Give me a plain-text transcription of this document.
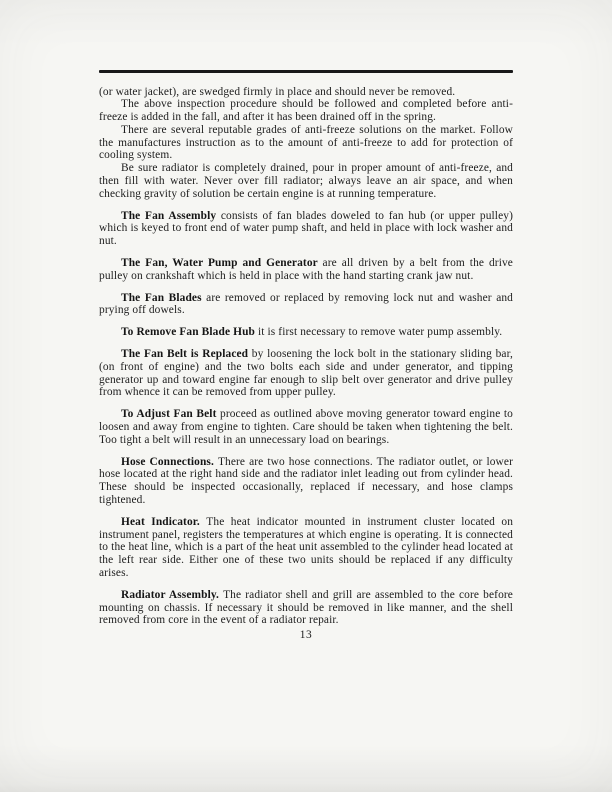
(or water jacket), are swedged firmly in place and should never be removed.

The above inspection procedure should be followed and completed before anti-freeze is added in the fall, and after it has been drained off in the spring.

There are several reputable grades of anti-freeze solutions on the market. Follow the manufactures instruction as to the amount of anti-freeze to add for protection of cooling system.

Be sure radiator is completely drained, pour in proper amount of anti-freeze, and then fill with water. Never over fill radiator; always leave an air space, and when checking gravity of solution be certain engine is at running temperature.

The Fan Assembly consists of fan blades doweled to fan hub (or upper pulley) which is keyed to front end of water pump shaft, and held in place with lock washer and nut.

The Fan, Water Pump and Generator are all driven by a belt from the drive pulley on crankshaft which is held in place with the hand starting crank jaw nut.

The Fan Blades are removed or replaced by removing lock nut and washer and prying off dowels.

To Remove Fan Blade Hub it is first necessary to remove water pump assembly.

The Fan Belt is Replaced by loosening the lock bolt in the stationary sliding bar, (on front of engine) and the two bolts each side and under generator, and tipping generator up and toward engine far enough to slip belt over generator and drive pulley from whence it can be removed from upper pulley.

To Adjust Fan Belt proceed as outlined above moving generator toward engine to loosen and away from engine to tighten. Care should be taken when tightening the belt. Too tight a belt will result in an unnecessary load on bearings.

Hose Connections. There are two hose connections. The radiator outlet, or lower hose located at the right hand side and the radiator inlet leading out from cylinder head. These should be inspected occasionally, replaced if necessary, and hose clamps tightened.

Heat Indicator. The heat indicator mounted in instrument cluster located on instrument panel, registers the temperatures at which engine is operating. It is connected to the heat line, which is a part of the heat unit assembled to the cylinder head located at the left rear side. Either one of these two units should be replaced if any difficulty arises.

Radiator Assembly. The radiator shell and grill are assembled to the core before mounting on chassis. If necessary it should be removed in like manner, and the shell removed from core in the event of a radiator repair.

13
